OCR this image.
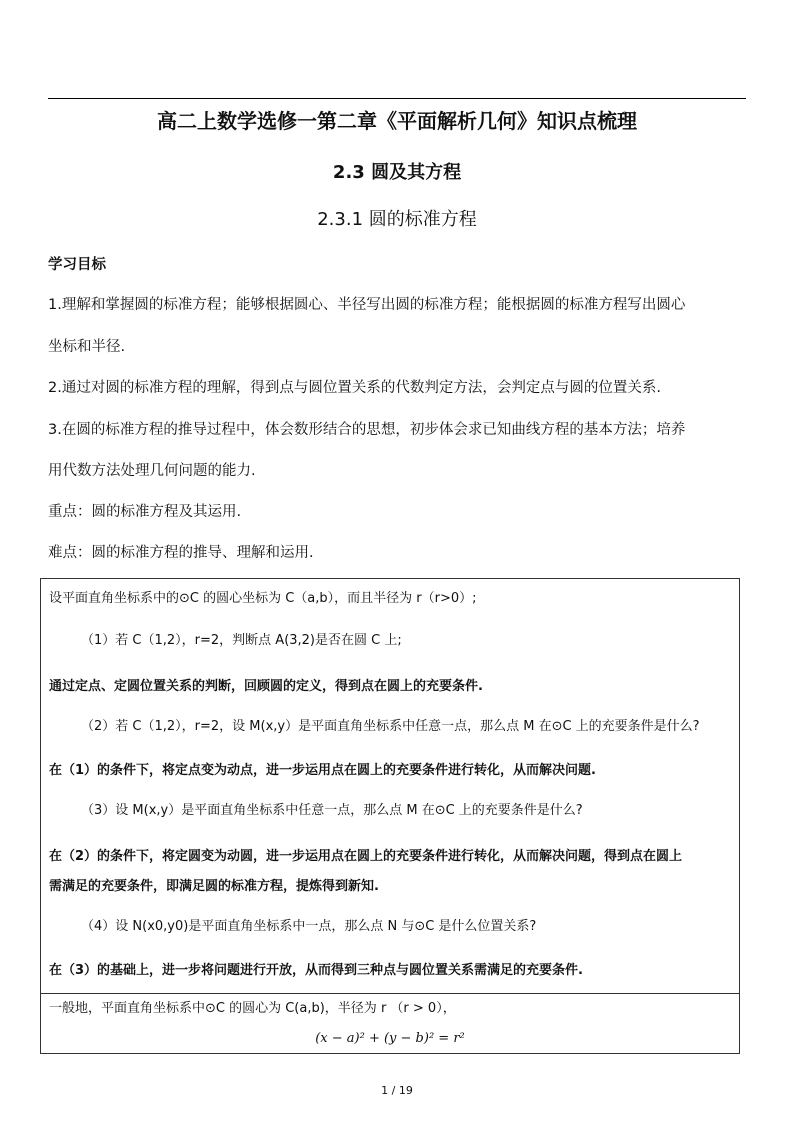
高二上数学选修一第二章《平面解析几何》知识点梳理
2.3 圆及其方程
2.3.1 圆的标准方程
学习目标
1.理解和掌握圆的标准方程；能够根据圆心、半径写出圆的标准方程；能根据圆的标准方程写出圆心
坐标和半径.
2.通过对圆的标准方程的理解，得到点与圆位置关系的代数判定方法，会判定点与圆的位置关系.
3.在圆的标准方程的推导过程中，体会数形结合的思想，初步体会求已知曲线方程的基本方法；培养
用代数方法处理几何问题的能力.
重点：圆的标准方程及其运用.
难点：圆的标准方程的推导、理解和运用.
设平面直角坐标系中的⊙C 的圆心坐标为 C（a,b），而且半径为 r（r>0）;
（1）若 C（1,2），r=2，判断点 A(3,2)是否在圆 C 上;
通过定点、定圆位置关系的判断，回顾圆的定义，得到点在圆上的充要条件.
（2）若 C（1,2），r=2，设 M(x,y）是平面直角坐标系中任意一点，那么点 M 在⊙C 上的充要条件是什么?
在（1）的条件下，将定点变为动点，进一步运用点在圆上的充要条件进行转化，从而解决问题.
（3）设 M(x,y）是平面直角坐标系中任意一点，那么点 M 在⊙C 上的充要条件是什么?
在（2）的条件下，将定圆变为动圆，进一步运用点在圆上的充要条件进行转化，从而解决问题，得到点在圆上
需满足的充要条件，即满足圆的标准方程，提炼得到新知.
（4）设 N(x0,y0)是平面直角坐标系中一点，那么点 N 与⊙C 是什么位置关系?
在（3）的基础上，进一步将问题进行开放，从而得到三种点与圆位置关系需满足的充要条件.
一般地，平面直角坐标系中⊙C 的圆心为 C(a,b)，半径为 r （r > 0），
(x − a)² + (y − b)² = r²
1 / 19
